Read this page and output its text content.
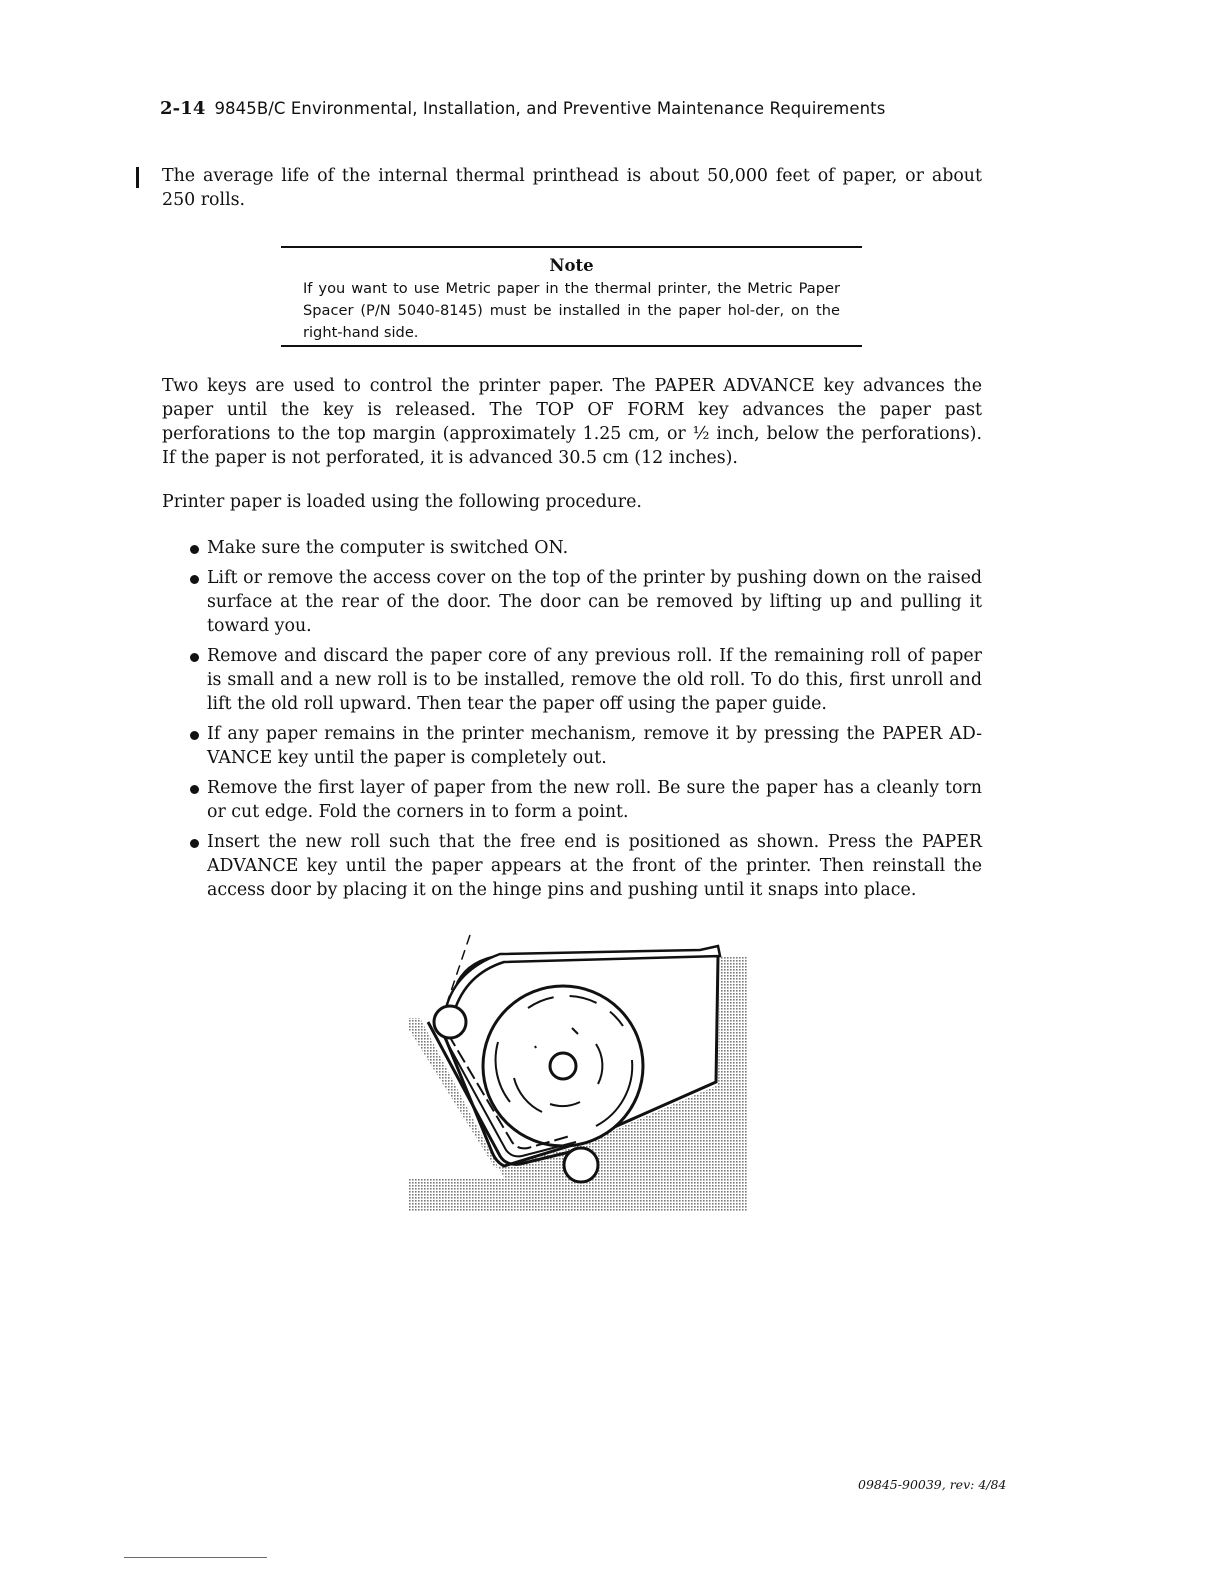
2-14 9845B/C Environmental, Installation, and Preventive Maintenance Requirements

The average life of the internal thermal printhead is about 50,000 feet of paper, or about 250 rolls.

Note
If you want to use Metric paper in the thermal printer, the Metric Paper Spacer (P/N 5040-8145) must be installed in the paper hol-der, on the right-hand side.

Two keys are used to control the printer paper. The PAPER ADVANCE key advances the paper until the key is released. The TOP OF FORM key advances the paper past perforations to the top margin (approximately 1.25 cm, or ½ inch, below the perforations). If the paper is not perforated, it is advanced 30.5 cm (12 inches).

Printer paper is loaded using the following procedure.

Make sure the computer is switched ON.
Lift or remove the access cover on the top of the printer by pushing down on the raised surface at the rear of the door. The door can be removed by lifting up and pulling it toward you.
Remove and discard the paper core of any previous roll. If the remaining roll of paper is small and a new roll is to be installed, remove the old roll. To do this, first unroll and lift the old roll upward. Then tear the paper off using the paper guide.
If any paper remains in the printer mechanism, remove it by pressing the PAPER AD-VANCE key until the paper is completely out.
Remove the first layer of paper from the new roll. Be sure the paper has a cleanly torn or cut edge. Fold the corners in to form a point.
Insert the new roll such that the free end is positioned as shown. Press the PAPER ADVANCE key until the paper appears at the front of the printer. Then reinstall the access door by placing it on the hinge pins and pushing until it snaps into place.
09845-90039, rev: 4/84
